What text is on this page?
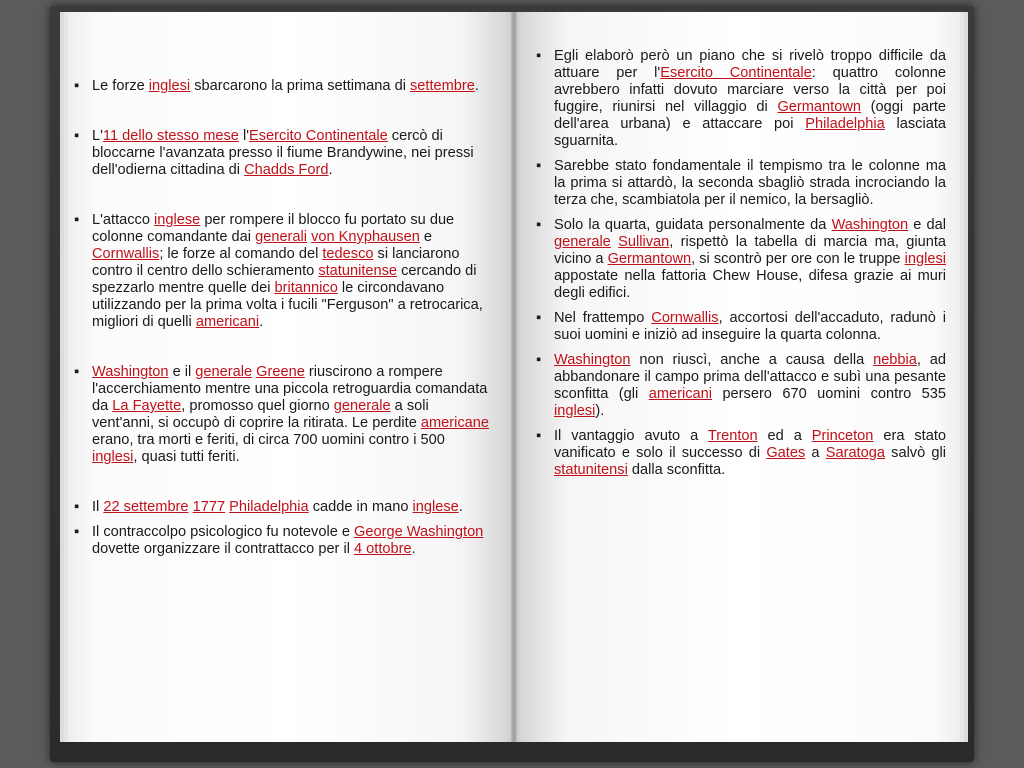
▪ Le forze inglesi sbarcarono la prima settimana di settembre.
▪ L'11 dello stesso mese l'Esercito Continentale cercò di bloccarne l'avanzata presso il fiume Brandywine, nei pressi dell'odierna cittadina di Chadds Ford.
▪ L'attacco inglese per rompere il blocco fu portato su due colonne comandante dai generali von Knyphausen e Cornwallis; le forze al comando del tedesco si lanciarono contro il centro dello schieramento statunitense cercando di spezzarlo mentre quelle dei britannico le circondavano utilizzando per la prima volta i fucili "Ferguson" a retrocarica, migliori di quelli americani.
▪ Washington e il generale Greene riuscirono a rompere l'accerchiamento mentre una piccola retroguardia comandata da La Fayette, promosso quel giorno generale a soli vent'anni, si occupò di coprire la ritirata. Le perdite americane erano, tra morti e feriti, di circa 700 uomini contro i 500 inglesi, quasi tutti feriti.
▪ Il 22 settembre 1777 Philadelphia cadde in mano inglese.
▪ Il contraccolpo psicologico fu notevole e George Washington dovette organizzare il contrattacco per il 4 ottobre.
▪ Egli elaborò però un piano che si rivelò troppo difficile da attuare per l'Esercito Continentale: quattro colonne avrebbero infatti dovuto marciare verso la città per poi fuggire, riunirsi nel villaggio di Germantown (oggi parte dell'area urbana) e attaccare poi Philadelphia lasciata sguarnita.
▪ Sarebbe stato fondamentale il tempismo tra le colonne ma la prima si attardò, la seconda sbagliò strada incrociando la terza che, scambiatola per il nemico, la bersagliò.
▪ Solo la quarta, guidata personalmente da Washington e dal generale Sullivan, rispettò la tabella di marcia ma, giunta vicino a Germantown, si scontrò per ore con le truppe inglesi appostate nella fattoria Chew House, difesa grazie ai muri degli edifici.
▪ Nel frattempo Cornwallis, accortosi dell'accaduto, radunò i suoi uomini e iniziò ad inseguire la quarta colonna.
▪ Washington non riuscì, anche a causa della nebbia, ad abbandonare il campo prima dell'attacco e subì una pesante sconfitta (gli americani persero 670 uomini contro 535 inglesi).
▪ Il vantaggio avuto a Trenton ed a Princeton era stato vanificato e solo il successo di Gates a Saratoga salvò gli statunitensi dalla sconfitta.
